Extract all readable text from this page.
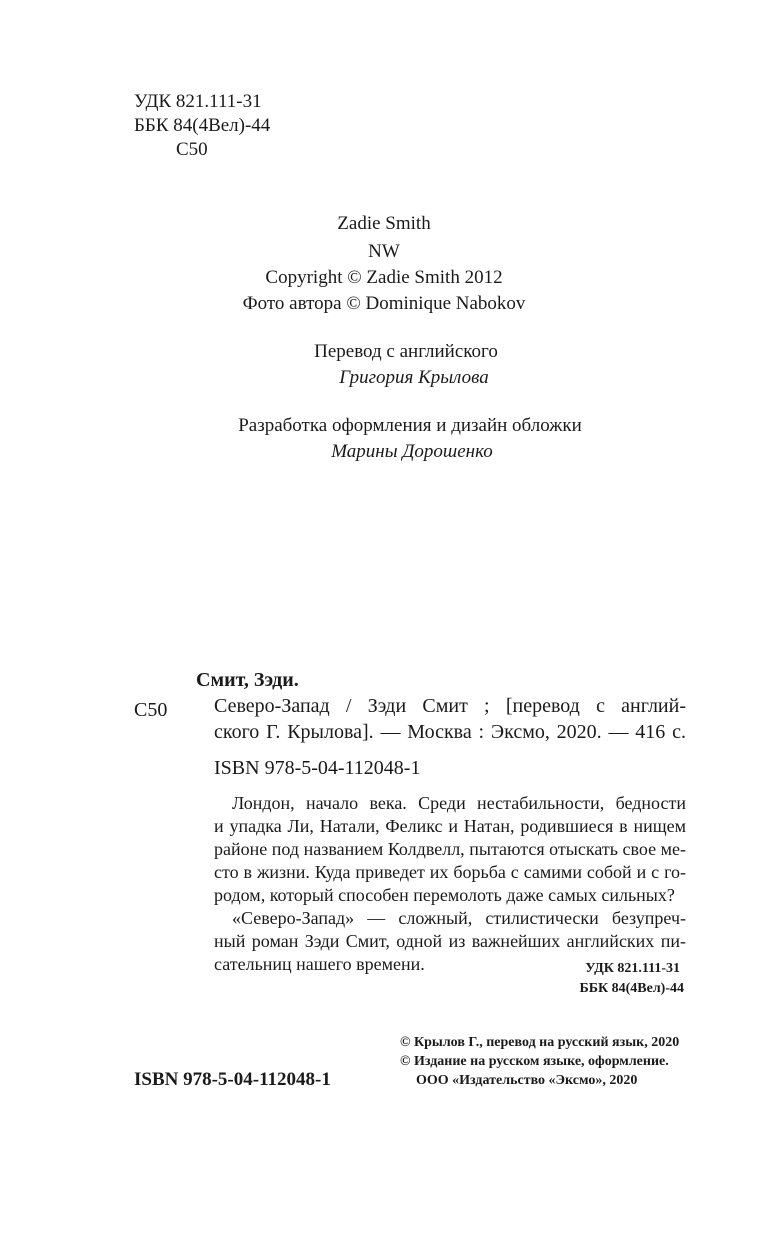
УДК 821.111-31
ББК 84(4Вел)-44
С50
Zadie Smith
NW
Copyright © Zadie Smith 2012
Фото автора © Dominique Nabokov
Перевод с английского
Григория Крылова
Разработка оформления и дизайн обложки
Марины Дорошенко
Смит, Зэди.
С50 Северо-Запад / Зэди Смит ; [перевод с англий-
ского Г. Крылова]. — Москва : Эксмо, 2020. — 416 с.
ISBN 978-5-04-112048-1
Лондон, начало века. Среди нестабильности, бедности
и упадка Ли, Натали, Феликс и Натан, родившиеся в нищем
районе под названием Колдвелл, пытаются отыскать свое ме-
сто в жизни. Куда приведет их борьба с самими собой и с го-
родом, который способен перемолоть даже самых сильных?
«Северо-Запад» — сложный, стилистически безупреч-
ный роман Зэди Смит, одной из важнейших английских пи-
сательниц нашего времени.	УДК 821.111-31
ББК 84(4Вел)-44
ISBN 978-5-04-112048-1
© Крылов Г., перевод на русский язык, 2020
© Издание на русском языке, оформление.
ООО «Издательство «Эксмо», 2020
